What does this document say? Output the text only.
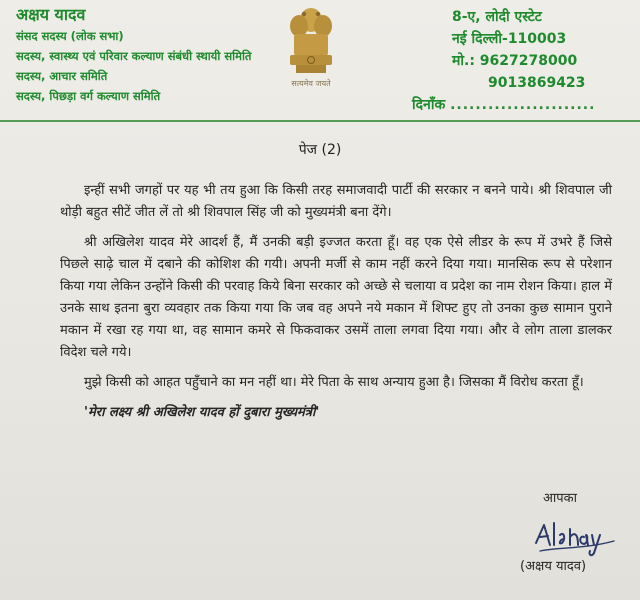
अक्षय यादव
संसद सदस्य (लोक सभा)
सदस्य, स्वास्थ्य एवं परिवार कल्याण संबंधी स्थायी समिति
सदस्य, आचार समिति
सदस्य, पिछड़ा वर्ग कल्याण समिति
सत्यमेव जयते
8-ए, लोदी एस्टेट
नई दिल्ली-110003
मो.: 9627278000
9013869423
दिनाँक .......................
पेज (2)

इन्हीं सभी जगहों पर यह भी तय हुआ कि किसी तरह समाजवादी पार्टी की सरकार न बनने पाये। श्री शिवपाल जी थोड़ी बहुत सीटें जीत लें तो श्री शिवपाल सिंह जी को मुख्यमंत्री बना देंगे।

श्री अखिलेश यादव मेरे आदर्श हैं, मैं उनकी बड़ी इज्जत करता हूँ। वह एक ऐसे लीडर के रूप में उभरे हैं जिसे पिछले साढ़े चाल में दबाने की कोशिश की गयी। अपनी मर्जी से काम नहीं करने दिया गया। मानसिक रूप से परेशान किया गया लेकिन उन्होंने किसी की परवाह किये बिना सरकार को अच्छे से चलाया व प्रदेश का नाम रोशन किया। हाल में उनके साथ इतना बुरा व्यवहार तक किया गया कि जब वह अपने नये मकान में शिफ्ट हुए तो उनका कुछ सामान पुराने मकान में रखा रह गया था, वह सामान कमरे से फिकवाकर उसमें ताला लगवा दिया गया। और वे लोग ताला डालकर विदेश चले गये।

मुझे किसी को आहत पहुँचाने का मन नहीं था। मेरे पिता के साथ अन्याय हुआ है। जिसका मैं विरोध करता हूँ।

'मेरा लक्ष्य श्री अखिलेश यादव हों दुबारा मुख्यमंत्री'

आपका
(अक्षय यादव)
